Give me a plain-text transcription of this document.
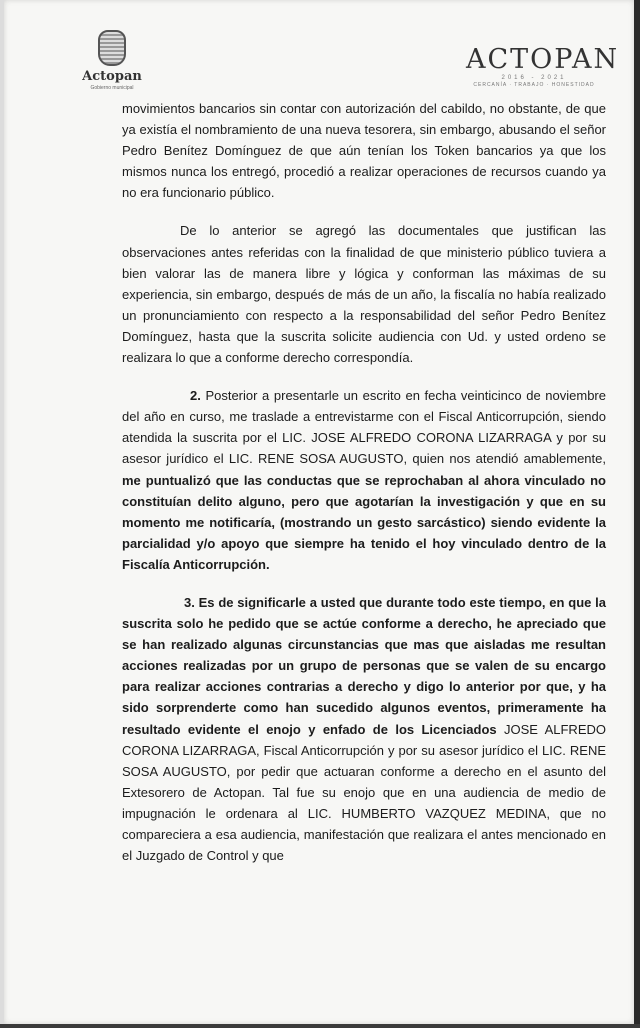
Actopan
Gobierno municipal
ACTOPAN
2016 - 2021
CERCANÍA · TRABAJO · HONESTIDAD

movimientos bancarios sin contar con autorización del cabildo, no obstante, de que ya existía el nombramiento de una nueva tesorera, sin embargo, abusando el señor Pedro Benítez Domínguez de que aún tenían los Token bancarios ya que los mismos nunca los entregó, procedió a realizar operaciones de recursos cuando ya no era funcionario público.

De lo anterior se agregó las documentales que justifican las observaciones antes referidas con la finalidad de que ministerio público tuviera a bien valorar las de manera libre y lógica y conforman las máximas de su experiencia, sin embargo, después de más de un año, la fiscalía no había realizado un pronunciamiento con respecto a la responsabilidad del señor Pedro Benítez Domínguez, hasta que la suscrita solicite audiencia con Ud. y usted ordeno se realizara lo que a conforme derecho correspondía.

2. Posterior a presentarle un escrito en fecha veinticinco de noviembre del año en curso, me traslade a entrevistarme con el Fiscal Anticorrupción, siendo atendida la suscrita por el LIC. JOSE ALFREDO CORONA LIZARRAGA y por su asesor jurídico el LIC. RENE SOSA AUGUSTO, quien nos atendió amablemente, me puntualizó que las conductas que se reprochaban al ahora vinculado no constituían delito alguno, pero que agotarían la investigación y que en su momento me notificaría, (mostrando un gesto sarcástico) siendo evidente la parcialidad y/o apoyo que siempre ha tenido el hoy vinculado dentro de la Fiscalía Anticorrupción.

3. Es de significarle a usted que durante todo este tiempo, en que la suscrita solo he pedido que se actúe conforme a derecho, he apreciado que se han realizado algunas circunstancias que mas que aisladas me resultan acciones realizadas por un grupo de personas que se valen de su encargo para realizar acciones contrarias a derecho y digo lo anterior por que, y ha sido sorprenderte como han sucedido algunos eventos, primeramente ha resultado evidente el enojo y enfado de los Licenciados JOSE ALFREDO CORONA LIZARRAGA, Fiscal Anticorrupción y por su asesor jurídico el LIC. RENE SOSA AUGUSTO, por pedir que actuaran conforme a derecho en el asunto del Extesorero de Actopan. Tal fue su enojo que en una audiencia de medio de impugnación le ordenara al LIC. HUMBERTO VAZQUEZ MEDINA, que no compareciera a esa audiencia, manifestación que realizara el antes mencionado en el Juzgado de Control y que
